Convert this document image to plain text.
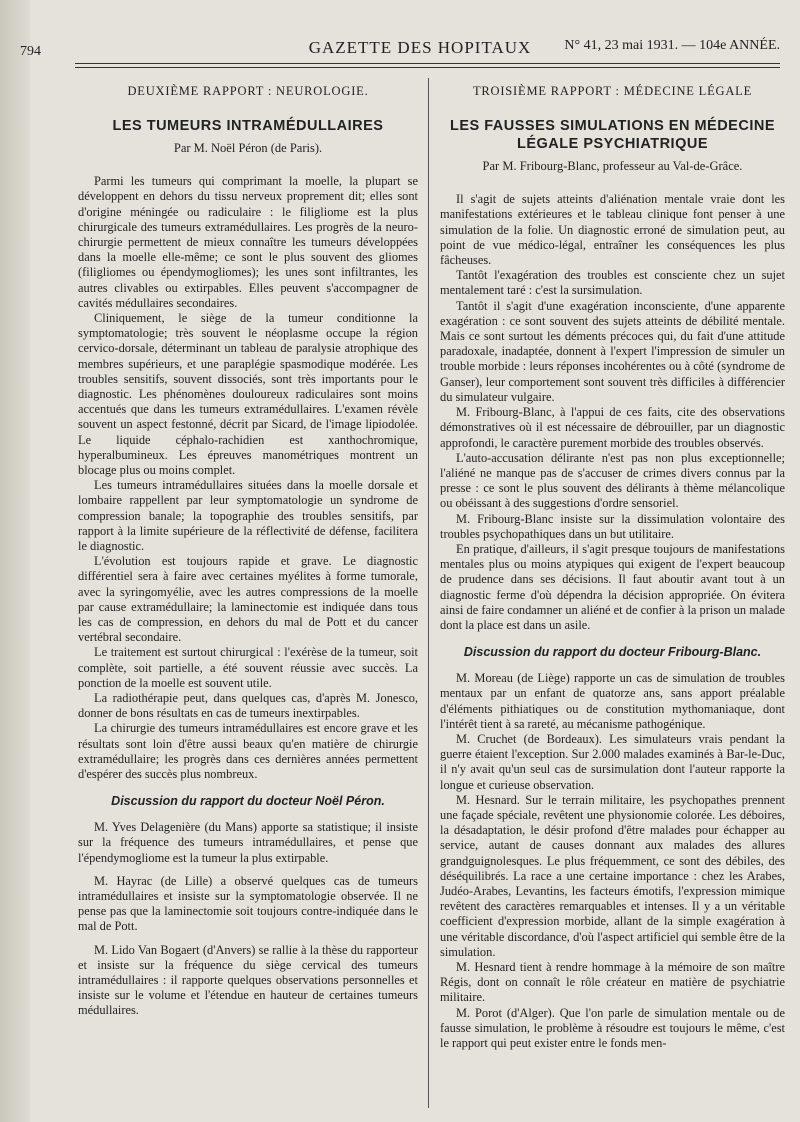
794	GAZETTE DES HOPITAUX	N° 41, 23 mai 1931. — 104e ANNÉE.
DEUXIÈME RAPPORT : NEUROLOGIE.
LES TUMEURS INTRAMÉDULLAIRES
Par M. Noël Péron (de Paris).

Parmi les tumeurs qui comprimant la moelle, la plupart se développent en dehors du tissu nerveux proprement dit; elles sont d'origine méningée ou radiculaire : le filigliome est la plus chirurgicale des tumeurs extramédullaires. Les progrès de la neuro-chirurgie permettent de mieux connaître les tumeurs développées dans la moelle elle-même; ce sont le plus souvent des gliomes (filigliomes ou épendymogliomes); les unes sont infiltrantes, les autres clivables ou extirpables. Elles peuvent s'accompagner de cavités médullaires secondaires.

Cliniquement, le siège de la tumeur conditionne la symptomatologie; très souvent le néoplasme occupe la région cervico-dorsale, déterminant un tableau de paralysie atrophique des membres supérieurs, et une paraplégie spasmodique modérée. Les troubles sensitifs, souvent dissociés, sont très importants pour le diagnostic. Les phénomènes douloureux radiculaires sont moins accentués que dans les tumeurs extramédullaires. L'examen révèle souvent un aspect festonné, décrit par Sicard, de l'image lipiodolée. Le liquide céphalo-rachidien est xanthochromique, hyperalbumineux. Les épreuves manométriques montrent un blocage plus ou moins complet.

Les tumeurs intramédullaires situées dans la moelle dorsale et lombaire rappellent par leur symptomatologie un syndrome de compression banale; la topographie des troubles sensitifs, par rapport à la limite supérieure de la réflectivité de défense, facilitera le diagnostic.

L'évolution est toujours rapide et grave. Le diagnostic différentiel sera à faire avec certaines myélites à forme tumorale, avec la syringomyélie, avec les autres compressions de la moelle par cause extramédullaire; la laminectomie est indiquée dans tous les cas de compression, en dehors du mal de Pott et du cancer vertébral secondaire.

Le traitement est surtout chirurgical : l'exérèse de la tumeur, soit complète, soit partielle, a été souvent réussie avec succès. La ponction de la moelle est souvent utile.

La radiothérapie peut, dans quelques cas, d'après M. Jonesco, donner de bons résultats en cas de tumeurs inextirpables.

La chirurgie des tumeurs intramédullaires est encore grave et les résultats sont loin d'être aussi beaux qu'en matière de chirurgie extramédullaire; les progrès dans ces dernières années permettent d'espérer des succès plus nombreux.

Discussion du rapport du docteur Noël Péron.

M. Yves Delagenière (du Mans) apporte sa statistique; il insiste sur la fréquence des tumeurs intramédullaires, et pense que l'épendymogliome est la tumeur la plus extirpable.

M. Hayrac (de Lille) a observé quelques cas de tumeurs intramédullaires et insiste sur la symptomatologie observée. Il ne pense pas que la laminectomie soit toujours contre-indiquée dans le mal de Pott.

M. Lido Van Bogaert (d'Anvers) se rallie à la thèse du rapporteur et insiste sur la fréquence du siège cervical des tumeurs intramédullaires : il rapporte quelques observations personnelles et insiste sur le volume et l'étendue en hauteur de certaines tumeurs médullaires.

TROISIÈME RAPPORT : MÉDECINE LÉGALE
LES FAUSSES SIMULATIONS EN MÉDECINE
LÉGALE PSYCHIATRIQUE
Par M. Fribourg-Blanc, professeur au Val-de-Grâce.

Il s'agit de sujets atteints d'aliénation mentale vraie dont les manifestations extérieures et le tableau clinique font penser à une simulation de la folie. Un diagnostic erroné de simulation peut, au point de vue médico-légal, entraîner les conséquences les plus fâcheuses.

Tantôt l'exagération des troubles est consciente chez un sujet mentalement taré : c'est la sursimulation.

Tantôt il s'agit d'une exagération inconsciente, d'une apparente exagération : ce sont souvent des sujets atteints de débilité mentale. Mais ce sont surtout les déments précoces qui, du fait d'une attitude paradoxale, inadaptée, donnent à l'expert l'impression de simuler un trouble morbide : leurs réponses incohérentes ou à côté (syndrome de Ganser), leur comportement sont souvent très difficiles à différencier du simulateur vulgaire.

M. Fribourg-Blanc, à l'appui de ces faits, cite des observations démonstratives où il est nécessaire de débrouiller, par un diagnostic approfondi, le caractère purement morbide des troubles observés.

L'auto-accusation délirante n'est pas non plus exceptionnelle; l'aliéné ne manque pas de s'accuser de crimes divers connus par la presse : ce sont le plus souvent des délirants à thème mélancolique ou obéissant à des suggestions d'ordre sensoriel.

M. Fribourg-Blanc insiste sur la dissimulation volontaire des troubles psychopathiques dans un but utilitaire.

En pratique, d'ailleurs, il s'agit presque toujours de manifestations mentales plus ou moins atypiques qui exigent de l'expert beaucoup de prudence dans ses décisions. Il faut aboutir avant tout à un diagnostic ferme d'où dépendra la décision appropriée. On évitera ainsi de faire condamner un aliéné et de confier à la prison un malade dont la place est dans un asile.

Discussion du rapport du docteur Fribourg-Blanc.

M. Moreau (de Liège) rapporte un cas de simulation de troubles mentaux par un enfant de quatorze ans, sans apport préalable d'éléments pithiatiques ou de constitution mythomaniaque, dont l'intérêt tient à sa rareté, au mécanisme pathogénique.

M. Cruchet (de Bordeaux). Les simulateurs vrais pendant la guerre étaient l'exception. Sur 2.000 malades examinés à Bar-le-Duc, il n'y avait qu'un seul cas de sursimulation dont l'auteur rapporte la longue et curieuse observation.

M. Hesnard. Sur le terrain militaire, les psychopathes prennent une façade spéciale, revêtent une physionomie colorée. Les déboires, la désadaptation, le désir profond d'être malades pour échapper au service, autant de causes donnant aux malades des allures grandguignolesques. Le plus fréquemment, ce sont des débiles, des déséquilibrés. La race a une certaine importance : chez les Arabes, Judéo-Arabes, Levantins, les facteurs émotifs, l'expression mimique revêtent des caractères remarquables et intenses. Il y a un véritable coefficient d'expression morbide, allant de la simple exagération à une véritable discordance, d'où l'aspect artificiel qui semble être de la simulation.

M. Hesnard tient à rendre hommage à la mémoire de son maître Régis, dont on connaît le rôle créateur en matière de psychiatrie militaire.

M. Porot (d'Alger). Que l'on parle de simulation mentale ou de fausse simulation, le problème à résoudre est toujours le même, c'est le rapport qui peut exister entre le fonds men-
